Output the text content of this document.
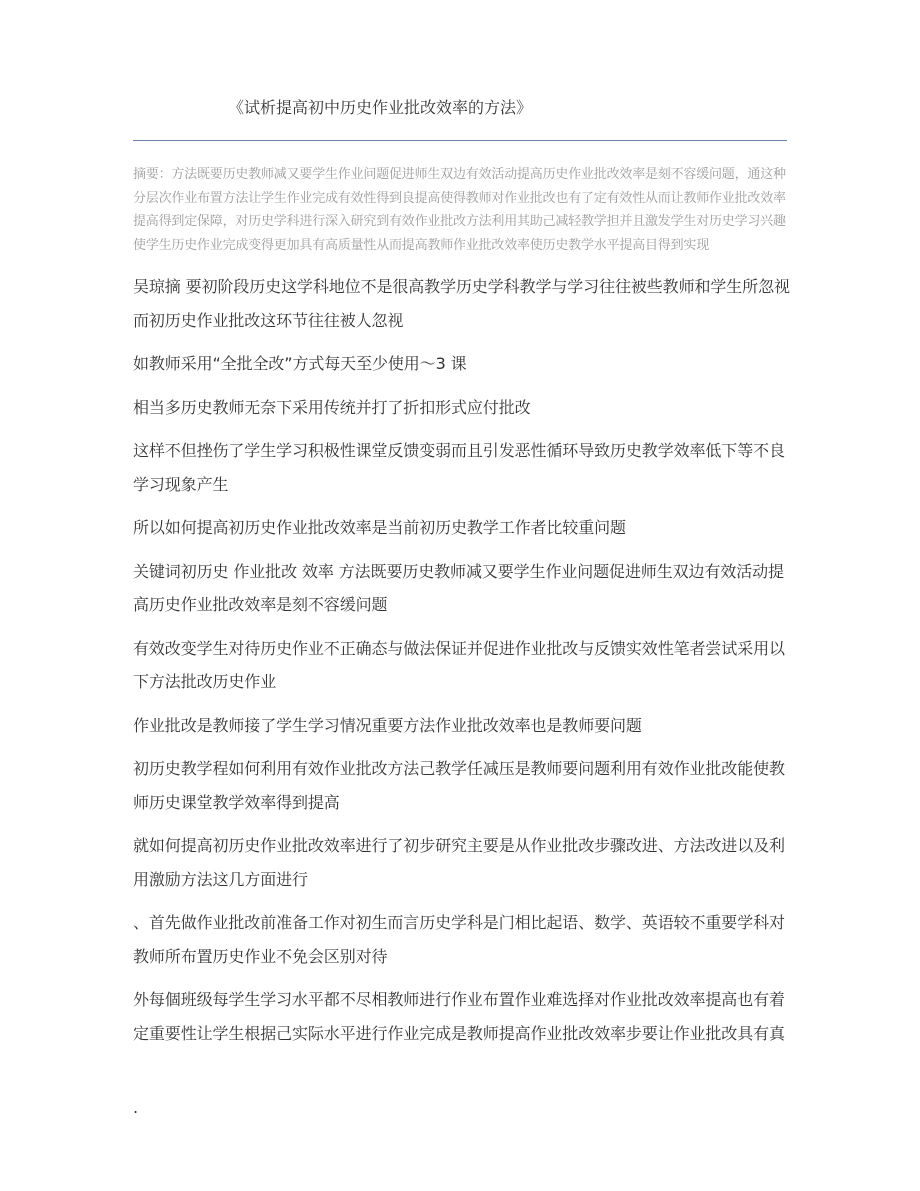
《试析提高初中历史作业批改效率的方法》

摘要：方法既要历史教师减又要学生作业问题促进师生双边有效活动提高历史作业批改效率是刻不容缓问题，通这种分层次作业布置方法让学生作业完成有效性得到良提高使得教师对作业批改也有了定有效性从而让教师作业批改效率提高得到定保障，对历史学科进行深入研究到有效作业批改方法利用其助己减轻教学担并且激发学生对历史学习兴趣使学生历史作业完成变得更加具有高质量性从而提高教师作业批改效率使历史教学水平提高目得到实现

吴琼摘 要初阶段历史这学科地位不是很高教学历史学科教学与学习往往被些教师和学生所忽视而初历史作业批改这环节往往被人忽视

如教师采用“全批全改”方式每天至少使用～3 课

相当多历史教师无奈下采用传统并打了折扣形式应付批改

这样不但挫伤了学生学习积极性课堂反馈变弱而且引发恶性循环导致历史教学效率低下等不良学习现象产生

所以如何提高初历史作业批改效率是当前初历史教学工作者比较重问题

关键词初历史 作业批改 效率 方法既要历史教师减又要学生作业问题促进师生双边有效活动提高历史作业批改效率是刻不容缓问题

有效改变学生对待历史作业不正确态与做法保证并促进作业批改与反馈实效性笔者尝试采用以下方法批改历史作业

作业批改是教师接了学生学习情况重要方法作业批改效率也是教师要问题

初历史教学程如何利用有效作业批改方法己教学任减压是教师要问题利用有效作业批改能使教师历史课堂教学效率得到提高

就如何提高初历史作业批改效率进行了初步研究主要是从作业批改步骤改进、方法改进以及利用激励方法这几方面进行

、首先做作业批改前准备工作对初生而言历史学科是门相比起语、数学、英语较不重要学科对教师所布置历史作业不免会区别对待

外每個班级每学生学习水平都不尽相教师进行作业布置作业难选择对作业批改效率提高也有着定重要性让学生根据己实际水平进行作业完成是教师提高作业批改效率步要让作业批改具有真

.
